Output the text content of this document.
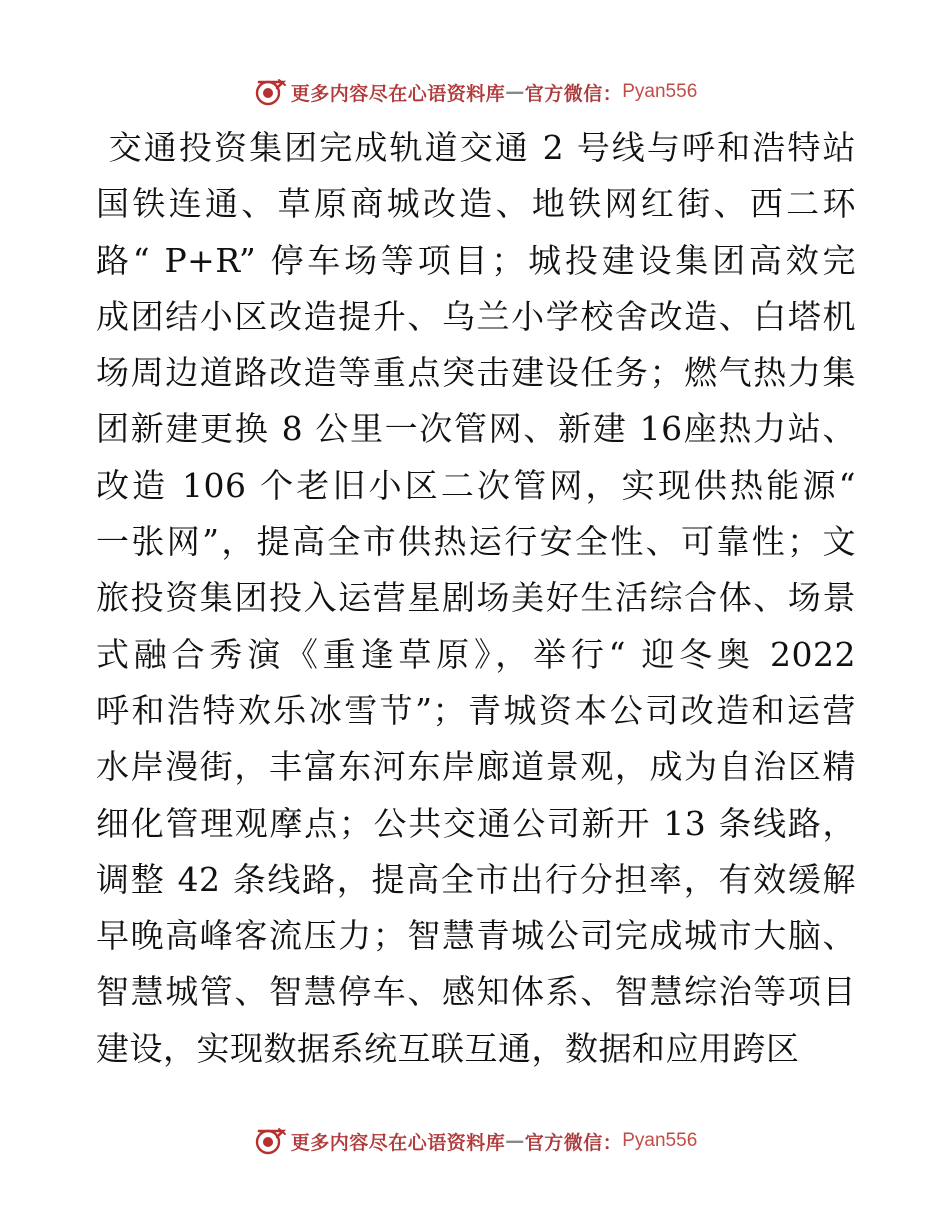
更多内容尽在心语资料库 — 官方微信： Pyan556
交通投资集团完成轨道交通 2 号线与呼和浩特站
国铁连通、草原商城改造、地铁网红街、西二环
路“ P+R” 停车场等项目；城投建设集团高效完
成团结小区改造提升、乌兰小学校舍改造、白塔机
场周边道路改造等重点突击建设任务；燃气热力集
团新建更换 8 公里一次管网、新建 16座热力站、
改造 106 个老旧小区二次管网，实现供热能源“
一张网”，提高全市供热运行安全性、可靠性；文
旅投资集团投入运营星剧场美好生活综合体、场景
式融合秀演《重逢草原》，举行“ 迎冬奥 2022
呼和浩特欢乐冰雪节”；青城资本公司改造和运营
水岸漫街，丰富东河东岸廊道景观，成为自治区精
细化管理观摩点；公共交通公司新开 13 条线路，
调整 42 条线路，提高全市出行分担率，有效缓解
早晚高峰客流压力；智慧青城公司完成城市大脑、
智慧城管、智慧停车、感知体系、智慧综治等项目
建设，实现数据系统互联互通，数据和应用跨区
更多内容尽在心语资料库 — 官方微信： Pyan556
